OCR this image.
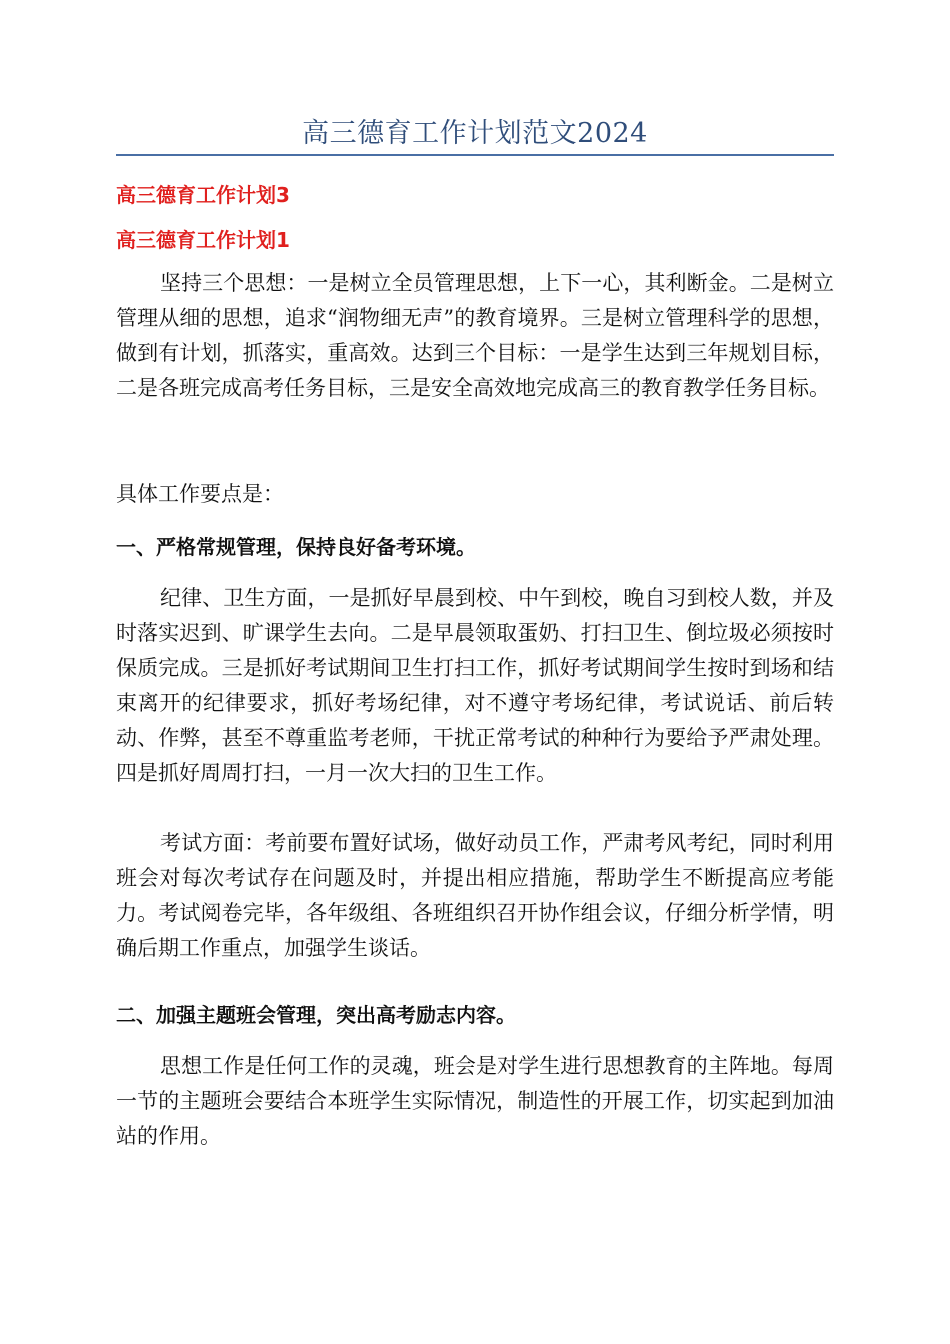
高三德育工作计划范文2024
高三德育工作计划3
高三德育工作计划1

坚持三个思想：一是树立全员管理思想，上下一心，其利断金。二是树立管理从细的思想，追求“润物细无声”的教育境界。三是树立管理科学的思想，做到有计划，抓落实，重高效。达到三个目标：一是学生达到三年规划目标，二是各班完成高考任务目标，三是安全高效地完成高三的教育教学任务目标。

具体工作要点是：

一、严格常规管理，保持良好备考环境。

纪律、卫生方面，一是抓好早晨到校、中午到校，晚自习到校人数，并及时落实迟到、旷课学生去向。二是早晨领取蛋奶、打扫卫生、倒垃圾必须按时保质完成。三是抓好考试期间卫生打扫工作，抓好考试期间学生按时到场和结束离开的纪律要求，抓好考场纪律，对不遵守考场纪律，考试说话、前后转动、作弊，甚至不尊重监考老师，干扰正常考试的种种行为要给予严肃处理。四是抓好周周打扫，一月一次大扫的卫生工作。

考试方面：考前要布置好试场，做好动员工作，严肃考风考纪，同时利用班会对每次考试存在问题及时，并提出相应措施，帮助学生不断提高应考能力。考试阅卷完毕，各年级组、各班组织召开协作组会议，仔细分析学情，明确后期工作重点，加强学生谈话。

二、加强主题班会管理，突出高考励志内容。

思想工作是任何工作的灵魂，班会是对学生进行思想教育的主阵地。每周一节的主题班会要结合本班学生实际情况，制造性的开展工作，切实起到加油站的作用。
